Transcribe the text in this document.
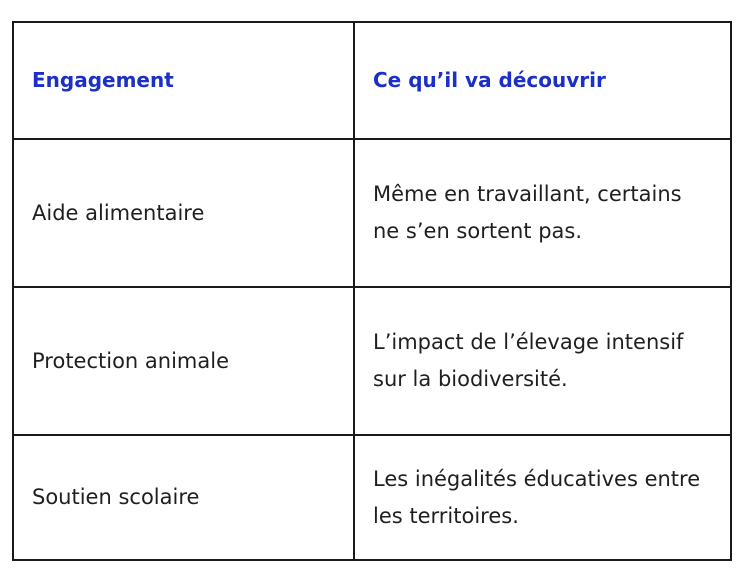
Engagement	Ce qu’il va découvrir
Aide alimentaire	Même en travaillant, certains ne s’en sortent pas.
Protection animale	L’impact de l’élevage intensif sur la biodiversité.
Soutien scolaire	Les inégalités éducatives entre les territoires.
